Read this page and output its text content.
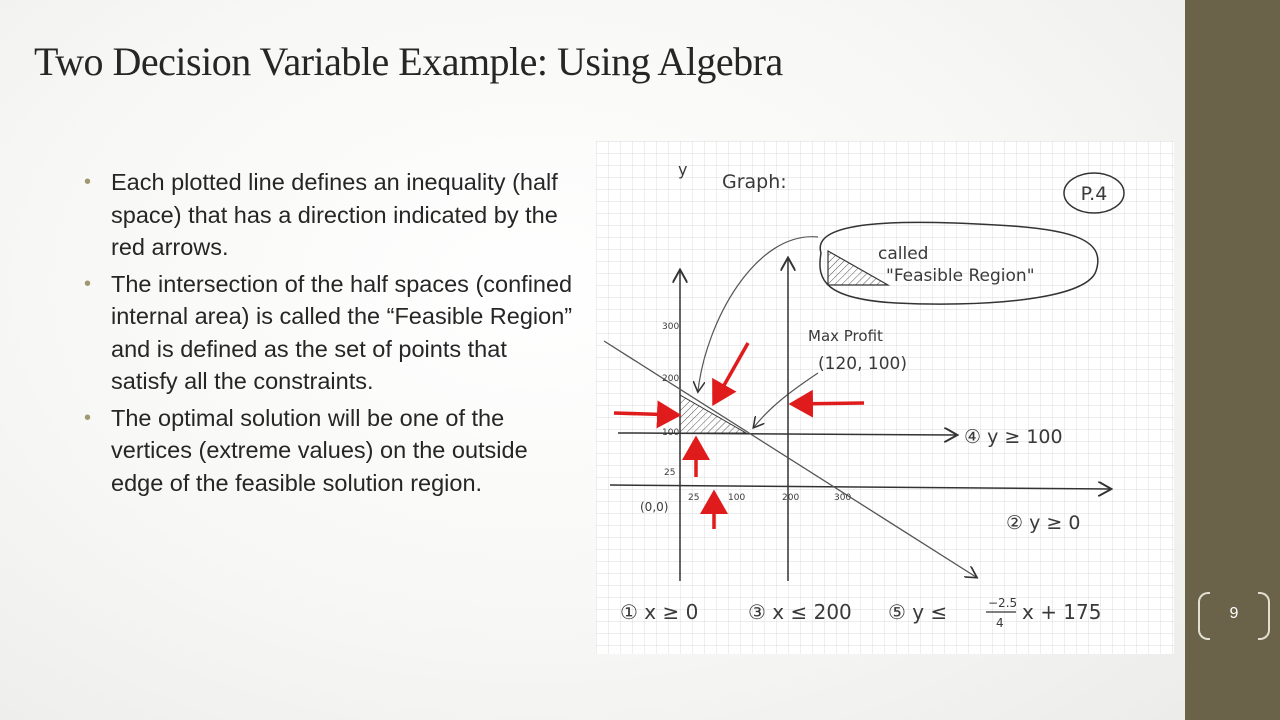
Two Decision Variable Example: Using Algebra
• Each plotted line defines an inequality (half space) that has a direction indicated by the red arrows.
• The intersection of the half spaces (confined internal area) is called the “Feasible Region” and is defined as the set of points that satisfy all the constraints.
• The optimal solution will be one of the vertices (extreme values) on the outside edge of the feasible solution region.
Graph:
y
P.4
called
"Feasible Region"
Max Profit
(120, 100)
300
200
100
25
25	100	200	300
(0,0)
④ y ≥ 100
② y ≥ 0
① x ≥ 0 ③ x ≤ 200 ⑤ y ≤	−2.5
4 x + 175	9
